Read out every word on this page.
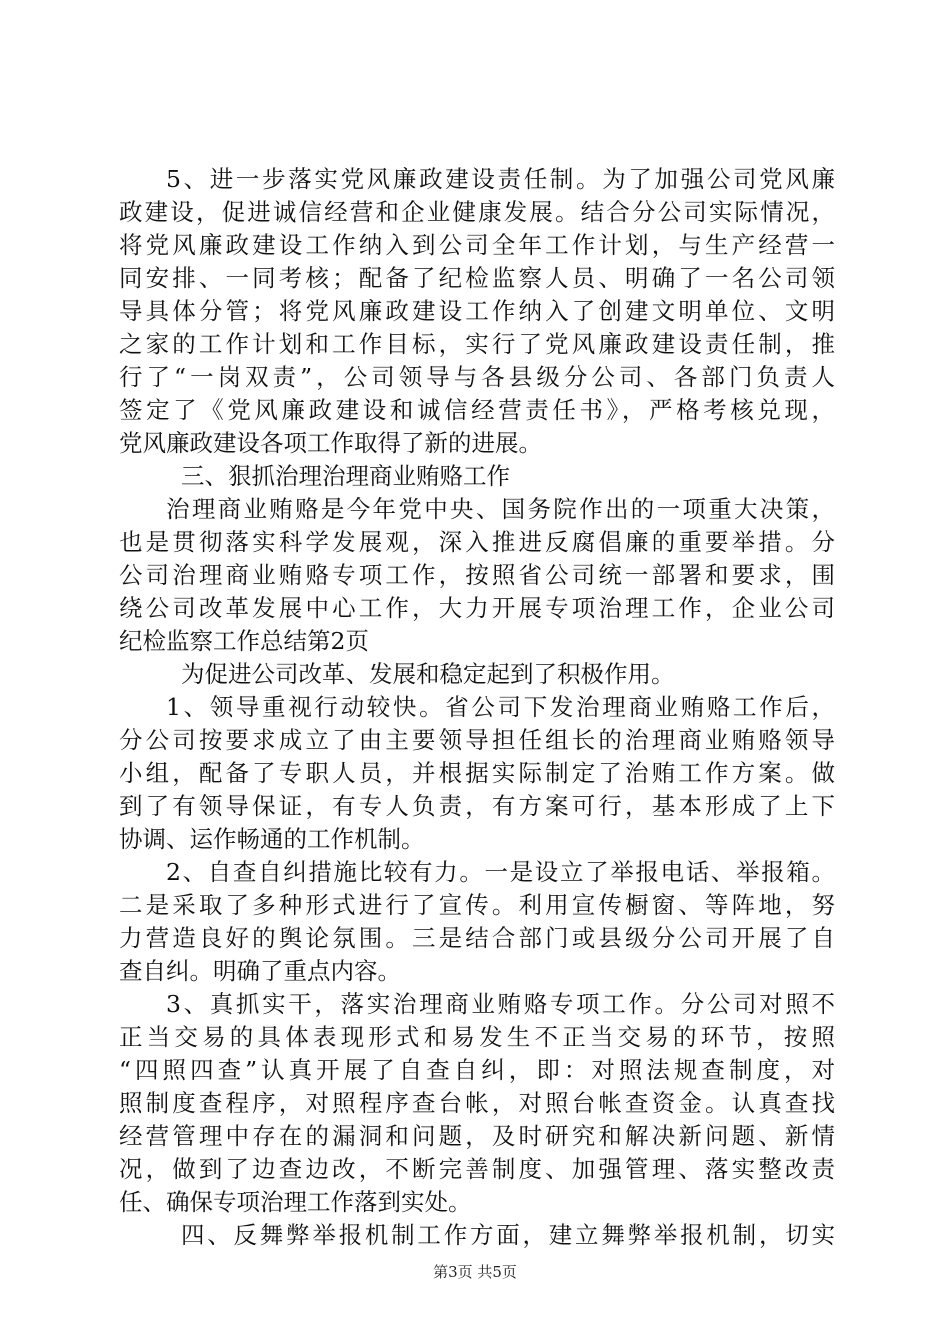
5、进一步落实党风廉政建设责任制。为了加强公司党风廉
政建设，促进诚信经营和企业健康发展。结合分公司实际情况，
将党风廉政建设工作纳入到公司全年工作计划，与生产经营一
同安排、一同考核；配备了纪检监察人员、明确了一名公司领
导具体分管；将党风廉政建设工作纳入了创建文明单位、文明
之家的工作计划和工作目标，实行了党风廉政建设责任制，推
行了“一岗双责”，公司领导与各县级分公司、各部门负责人
签定了《党风廉政建设和诚信经营责任书》，严格考核兑现，
党风廉政建设各项工作取得了新的进展。
三、狠抓治理治理商业贿赂工作
治理商业贿赂是今年党中央、国务院作出的一项重大决策，
也是贯彻落实科学发展观，深入推进反腐倡廉的重要举措。分
公司治理商业贿赂专项工作，按照省公司统一部署和要求，围
绕公司改革发展中心工作，大力开展专项治理工作，企业公司
纪检监察工作总结第2页
为促进公司改革、发展和稳定起到了积极作用。
1、领导重视行动较快。省公司下发治理商业贿赂工作后，
分公司按要求成立了由主要领导担任组长的治理商业贿赂领导
小组，配备了专职人员，并根据实际制定了治贿工作方案。做
到了有领导保证，有专人负责，有方案可行，基本形成了上下
协调、运作畅通的工作机制。
2、自查自纠措施比较有力。一是设立了举报电话、举报箱。
二是采取了多种形式进行了宣传。利用宣传橱窗、等阵地，努
力营造良好的舆论氛围。三是结合部门或县级分公司开展了自
查自纠。明确了重点内容。
3、真抓实干，落实治理商业贿赂专项工作。分公司对照不
正当交易的具体表现形式和易发生不正当交易的环节，按照
“四照四查”认真开展了自查自纠，即：对照法规查制度，对
照制度查程序，对照程序查台帐，对照台帐查资金。认真查找
经营管理中存在的漏洞和问题，及时研究和解决新问题、新情
况，做到了边查边改，不断完善制度、加强管理、落实整改责
任、确保专项治理工作落到实处。
四、反舞弊举报机制工作方面，建立舞弊举报机制，切实
第3页 共5页
